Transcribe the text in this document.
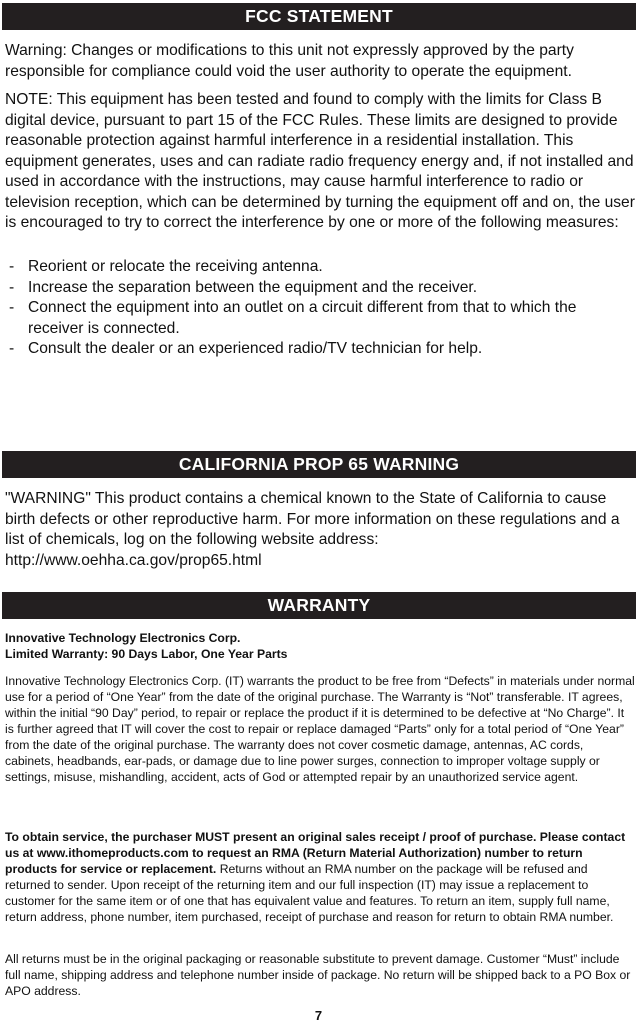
FCC STATEMENT
Warning: Changes or modifications to this unit not expressly approved by the party responsible for compliance could void the user authority to operate the equipment.
NOTE: This equipment has been tested and found to comply with the limits for Class B digital device, pursuant to part 15 of the FCC Rules. These limits are designed to provide reasonable protection against harmful interference in a residential installation. This equipment generates, uses and can radiate radio frequency energy and, if not installed and used in accordance with the instructions, may cause harmful interference to radio or television reception, which can be determined by turning the equipment off and on, the user is encouraged to try to correct the interference by one or more of the following measures:
- Reorient or relocate the receiving antenna.
- Increase the separation between the equipment and the receiver.
- Connect the equipment into an outlet on a circuit different from that to which the receiver is connected.
- Consult the dealer or an experienced radio/TV technician for help.
CALIFORNIA PROP 65 WARNING
"WARNING" This product contains a chemical known to the State of California to cause birth defects or other reproductive harm. For more information on these regulations and a list of chemicals, log on the following website address: http://www.oehha.ca.gov/prop65.html
WARRANTY
Innovative Technology Electronics Corp.
Limited Warranty: 90 Days Labor, One Year Parts
Innovative Technology Electronics Corp. (IT) warrants the product to be free from “Defects” in materials under normal use for a period of “One Year” from the date of the original purchase. The Warranty is “Not” transferable. IT agrees, within the initial “90 Day” period, to repair or replace the product if it is determined to be defective at “No Charge”. It is further agreed that IT will cover the cost to repair or replace damaged “Parts” only for a total period of “One Year” from the date of the original purchase. The warranty does not cover cosmetic damage, antennas, AC cords, cabinets, headbands, ear-pads, or damage due to line power surges, connection to improper voltage supply or settings, misuse, mishandling, accident, acts of God or attempted repair by an unauthorized service agent.
To obtain service, the purchaser MUST present an original sales receipt / proof of purchase. Please contact us at www.ithomeproducts.com to request an RMA (Return Material Authorization) number to return products for service or replacement. Returns without an RMA number on the package will be refused and returned to sender. Upon receipt of the returning item and our full inspection (IT) may issue a replacement to customer for the same item or of one that has equivalent value and features. To return an item, supply full name, return address, phone number, item purchased, receipt of purchase and reason for return to obtain RMA number.
All returns must be in the original packaging or reasonable substitute to prevent damage. Customer “Must” include full name, shipping address and telephone number inside of package. No return will be shipped back to a PO Box or APO address.
7
